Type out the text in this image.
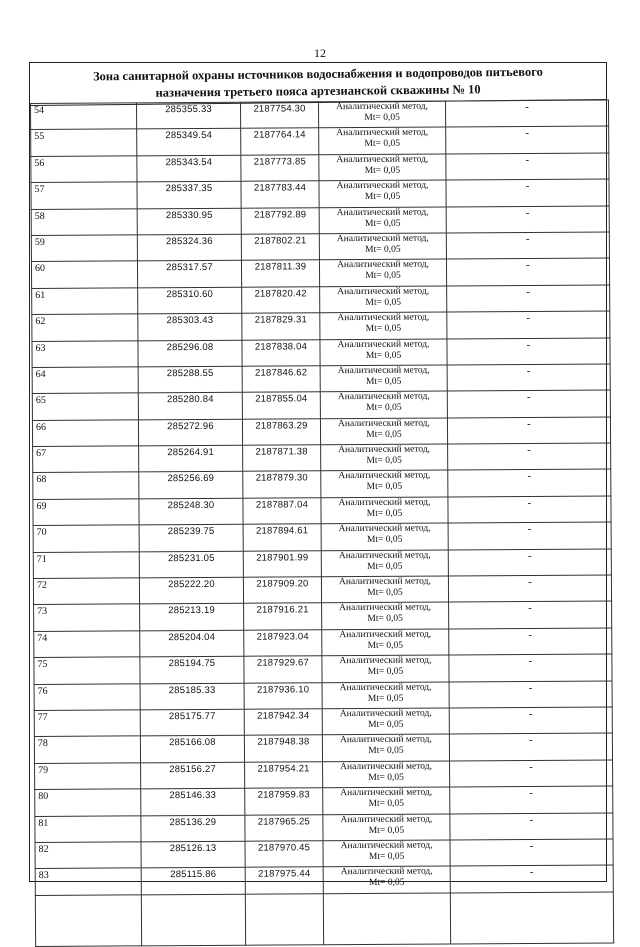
12
Зона санитарной охраны источников водоснабжения и водопроводов питьевого
назначения третьего пояса артезианской скважины № 10
54	285355.33	2187754.30	Аналитический метод,
Mt= 0,05	-
55	285349.54	2187764.14	Аналитический метод,
Mt= 0,05	-
56	285343.54	2187773.85	Аналитический метод,
Mt= 0,05	-
57	285337.35	2187783.44	Аналитический метод,
Mt= 0,05	-
58	285330.95	2187792.89	Аналитический метод,
Mt= 0,05	-
59	285324.36	2187802.21	Аналитический метод,
Mt= 0,05	-
60	285317.57	2187811.39	Аналитический метод,
Mt= 0,05	-
61	285310.60	2187820.42	Аналитический метод,
Mt= 0,05	-
62	285303.43	2187829.31	Аналитический метод,
Mt= 0,05	-
63	285296.08	2187838.04	Аналитический метод,
Mt= 0,05	-
64	285288.55	2187846.62	Аналитический метод,
Mt= 0,05	-
65	285280.84	2187855.04	Аналитический метод,
Mt= 0,05	-
66	285272.96	2187863.29	Аналитический метод,
Mt= 0,05	-
67	285264.91	2187871.38	Аналитический метод,
Mt= 0,05	-
68	285256.69	2187879.30	Аналитический метод,
Mt= 0,05	-
69	285248.30	2187887.04	Аналитический метод,
Mt= 0,05	-
70	285239.75	2187894.61	Аналитический метод,
Mt= 0,05	-
71	285231.05	2187901.99	Аналитический метод,
Mt= 0,05	-
72	285222.20	2187909.20	Аналитический метод,
Mt= 0,05	-
73	285213.19	2187916.21	Аналитический метод,
Mt= 0,05	-
74	285204.04	2187923.04	Аналитический метод,
Mt= 0,05	-
75	285194.75	2187929.67	Аналитический метод,
Mt= 0,05	-
76	285185.33	2187936.10	Аналитический метод,
Mt= 0,05	-
77	285175.77	2187942.34	Аналитический метод,
Mt= 0,05	-
78	285166.08	2187948.38	Аналитический метод,
Mt= 0,05	-
79	285156.27	2187954.21	Аналитический метод,
Mt= 0,05	-
80	285146.33	2187959.83	Аналитический метод,
Mt= 0,05	-
81	285136.29	2187965.25	Аналитический метод,
Mt= 0,05	-
82	285126.13	2187970.45	Аналитический метод,
Mt= 0,05	-
83	285115.86	2187975.44	Аналитический метод,
Mt= 0,05	-
